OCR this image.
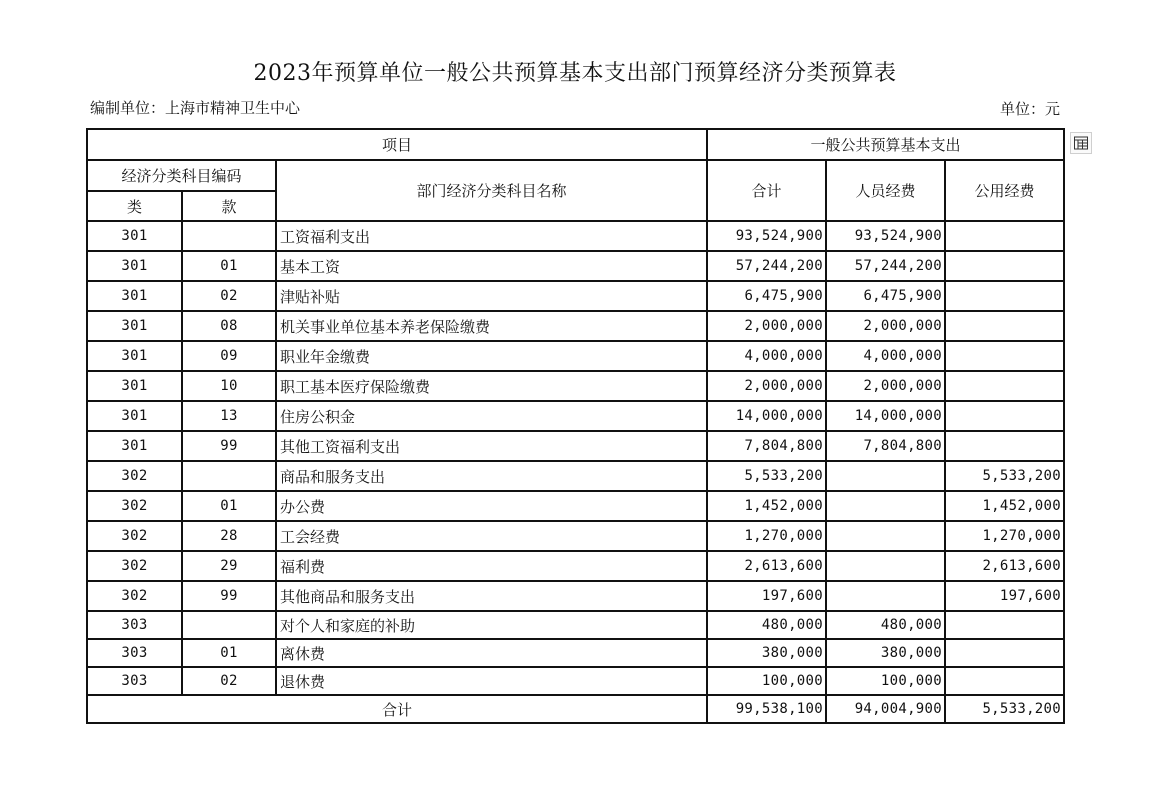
2023年预算单位一般公共预算基本支出部门预算经济分类预算表
编制单位：上海市精神卫生中心	单位：元
项目			一般公共预算基本支出		
经济分类科目编码		部门经济分类科目名称	合计	人员经费	公用经费
类	款				
301		工资福利支出	93,524,900	93,524,900	
301	01	基本工资	57,244,200	57,244,200	
301	02	津贴补贴	6,475,900	6,475,900	
301	08	机关事业单位基本养老保险缴费	2,000,000	2,000,000	
301	09	职业年金缴费	4,000,000	4,000,000	
301	10	职工基本医疗保险缴费	2,000,000	2,000,000	
301	13	住房公积金	14,000,000	14,000,000	
301	99	其他工资福利支出	7,804,800	7,804,800	
302		商品和服务支出	5,533,200		5,533,200
302	01	办公费	1,452,000		1,452,000
302	28	工会经费	1,270,000		1,270,000
302	29	福利费	2,613,600		2,613,600
302	99	其他商品和服务支出	197,600		197,600
303		对个人和家庭的补助	480,000	480,000	
303	01	离休费	380,000	380,000	
303	02	退休费	100,000	100,000	
合计			99,538,100	94,004,900	5,533,200
